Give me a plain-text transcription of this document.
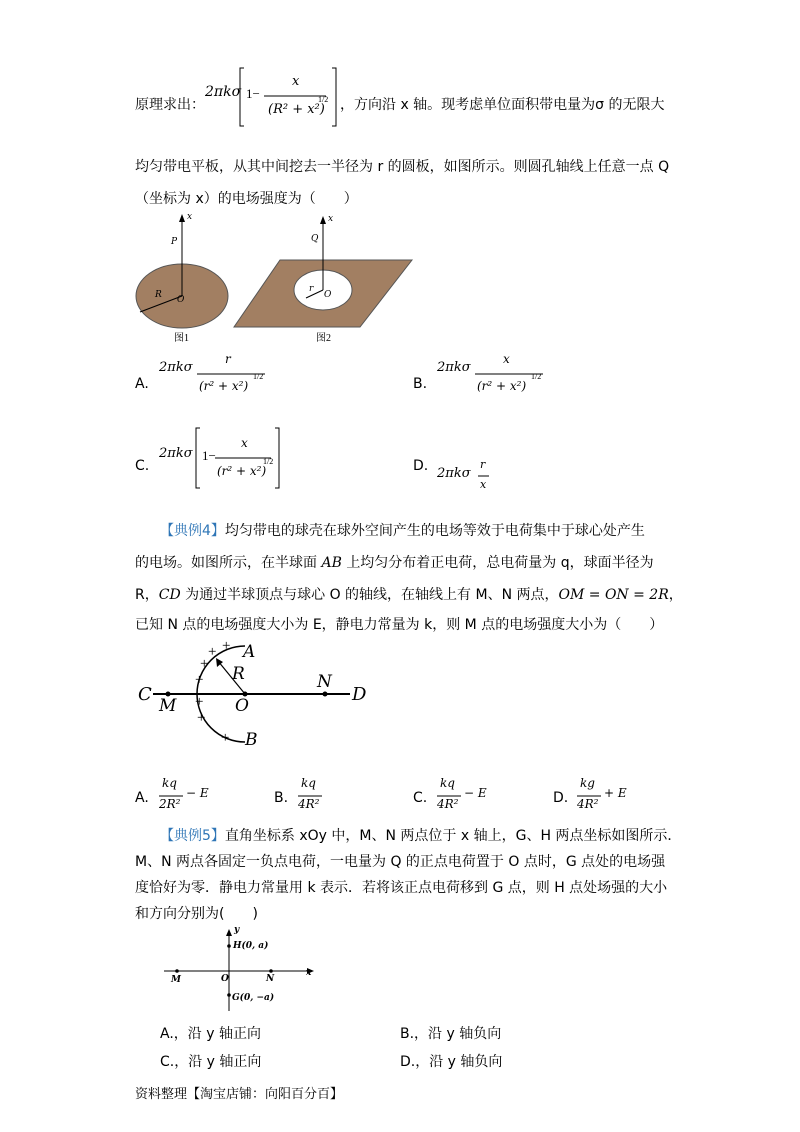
原理求出：
2πkσ 1−
x
(R² + x²)
1/2 ，方向沿 x 轴。现考虑单位面积带电量为σ 的无限大
均匀带电平板，从其中间挖去一半径为 r 的圆板，如图所示。则圆孔轴线上任意一点 Q
（坐标为 x）的电场强度为（　　）
x
P
R O
图1
x
Q
r
O
图2
A.
2πkσ
r
(r² + x²)
1/2	B.
2πkσ
x
(r² + x²)
1/2
C.
2πkσ 1−
x
(r² + x²)
1/2	D. 2πkσ
r
x
【典例4】均匀带电的球壳在球外空间产生的电场等效于电荷集中于球心处产生
的电场。如图所示，在半球面 AB 上均匀分布着正电荷，总电荷量为 q，球面半径为
R，CD 为通过半球顶点与球心 O 的轴线，在轴线上有 M、N 两点，OM = ON = 2R，
已知 N 点的电场强度大小为 E，静电力常量为 k，则 M 点的电场强度大小为（　　）
C
M	O
N
D
A
B
R
+
+
+
+
+
+
+
A.
kq
2R²
− E	B.
kq
4R²	C.
kq
4R²
− E	D.
kg
4R²
+ E
【典例5】直角坐标系 xOy 中，M、N 两点位于 x 轴上，G、H 两点坐标如图所示．
M、N 两点各固定一负点电荷，一电量为 Q 的正点电荷置于 O 点时，G 点处的电场强
度恰好为零．静电力常量用 k 表示．若将该正点电荷移到 G 点，则 H 点处场强的大小
和方向分别为(　　)
y
x
H(0, a)
G(0, −a)
M	O	N
A.，沿 y 轴正向	B.，沿 y 轴负向
C.，沿 y 轴正向	D.，沿 y 轴负向
资料整理【淘宝店铺：向阳百分百】
